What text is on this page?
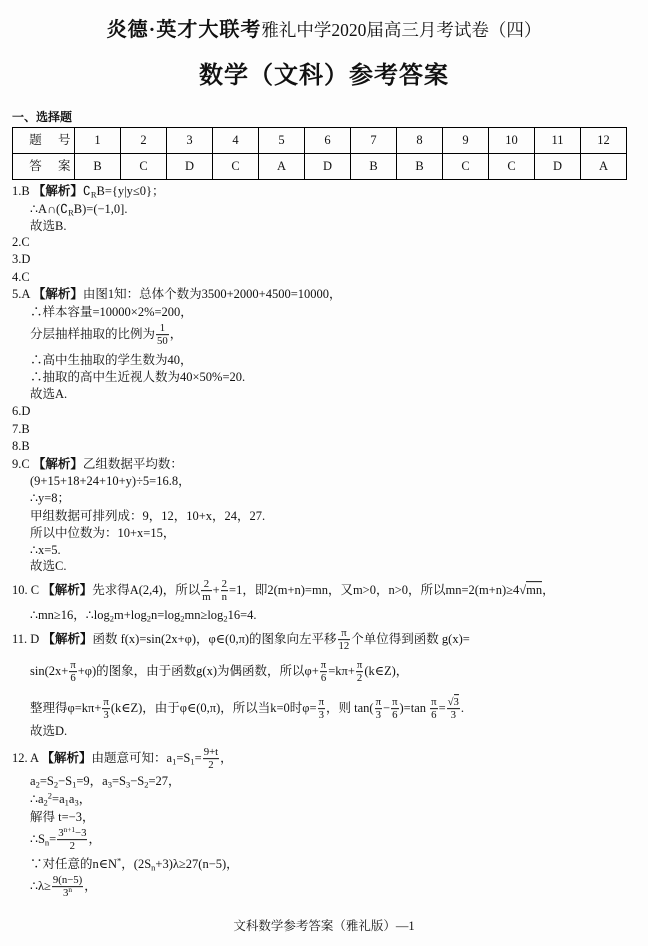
炎德·英才大联考雅礼中学2020届高三月考试卷（四）
数学（文科）参考答案
一、选择题
题号	1	2	3	4	5	6	7	8	9	10	11	12
答案	B	C	D	C	A	D	B	B	C	C	D	A
1.B 【解析】$∁_RB=\{y|y\le 0\}$；
$\therefore A\cap(∁_RB)=(-1,0]$.
故选B.
2.C
3.D
4.C
5.A 【解析】由图1知：总体个数为3500+2000+4500=10000，
∴样本容量=10000×2%=200，
分层抽样抽取的比例为 $\frac{1}{50}$ ，
∴高中生抽取的学生数为40，
∴抽取的高中生近视人数为40×50%=20.
故选A.
6.D
7.B
8.B
9.C 【解析】乙组数据平均数：
(9+15+18+24+10+y)÷5=16.8，
∴y=8；
甲组数据可排列成：9，12，10+x，24，27.
所以中位数为：10+x=15，
∴x=5.
故选C.
10. C 【解析】先求得A(2,4)，所以 $\frac{2}{m} + \frac{2}{n} =1$，即2(m+n)=mn，又m>0，n>0，所以mn=2(m+n)≥4√mn，
∴mn≥16，$\therefore\log_2m+\log_2n=\log_2mn\ge\log_216=4$.
11. D 【解析】函数 f(x)=sin(2x+φ)，φ∈(0,π)的图象向左平移 $\frac{\pi}{12}$ 个单位得到函数 g(x)=
$\sin(2x+ \frac{\pi}{6} +\varphi)$的图象，由于函数g(x)为偶函数，所以$\varphi+ \frac{\pi}{6} =k\pi+ \frac{\pi}{2}$ (k∈Z)，
整理得$\varphi=k\pi+ \frac{\pi}{3}$ (k∈Z)，由于φ∈(0,π)，所以当k=0时$\varphi= \frac{\pi}{3}$ ，则 $\tan( \frac{\pi}{3} - \frac{\pi}{6} )=\tan \frac{\pi}{6} = \frac{√3}{3}$ .
故选D.
12. A 【解析】由题意可知：$a_1=S_1= \frac{9+t}{2}$ ，
$a_2=S_2-S_1=9$，$a_3=S_3-S_2=27$，
$\therefore a_2^2=a_1a_3$，
解得 t=−3，
$\therefore S_n= \frac{3^{n+1}-3}{2}$ ，
∵对任意的n∈N*，$(2S_n+3)\lambda\ge 27(n-5)$，
∴λ≥ $\frac{9(n-5)}{3^n}$ ，
文科数学参考答案（雅礼版）—1
